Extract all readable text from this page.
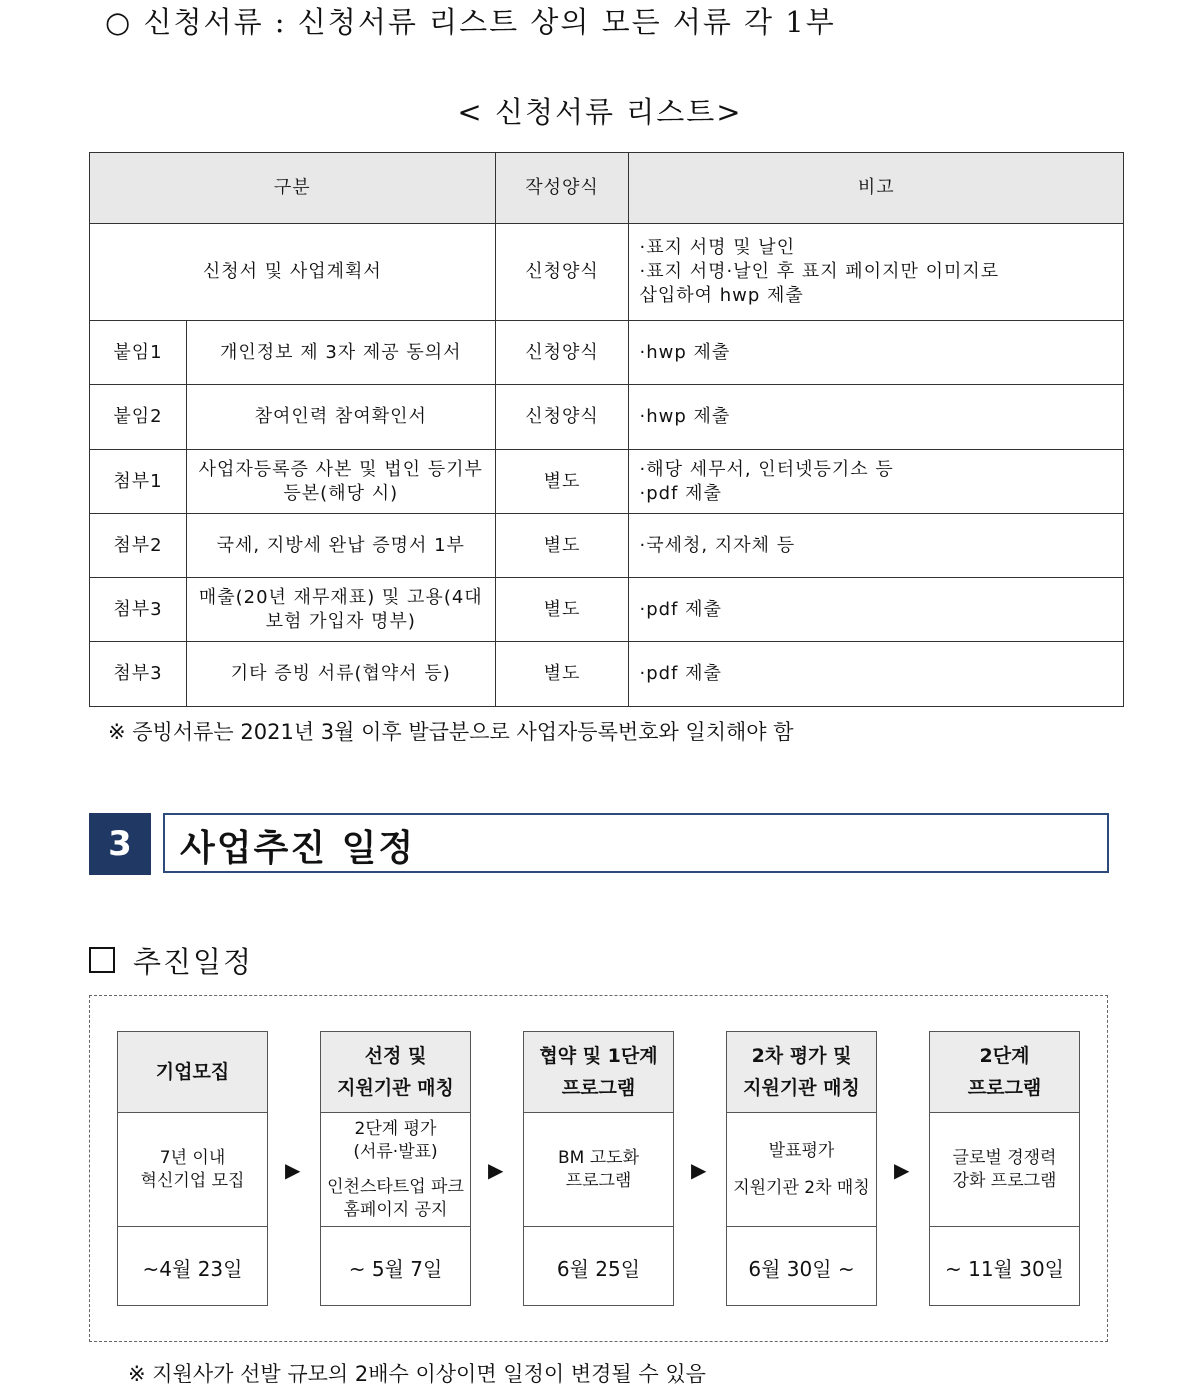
○ 신청서류 : 신청서류 리스트 상의 모든 서류 각 1부
< 신청서류 리스트>
구분		작성양식	비고
신청서 및 사업계획서		신청양식	·표지 서명 및 날인
·표지 서명·날인 후 표지 페이지만 이미지로
삽입하여 hwp 제출

붙임1	개인정보 제 3자 제공 동의서	신청양식	·hwp 제출

붙임2	참여인력 참여확인서	신청양식	·hwp 제출

첨부1	사업자등록증 사본 및 법인 등기부등본(해당 시)	별도	·해당 세무서, 인터넷등기소 등
·pdf 제출

첨부2	국세, 지방세 완납 증명서 1부	별도	·국세청, 지자체 등

첨부3	매출(20년 재무재표) 및 고용(4대 보험 가입자 명부)	별도	·pdf 제출

첨부3	기타 증빙 서류(협약서 등)	별도	·pdf 제출
※ 증빙서류는 2021년 3월 이후 발급분으로 사업자등록번호와 일치해야 함
3	사업추진 일정
추진일정
기업모집
7년 이내
혁신기업 모집
~4월 23일
▶
선정 및
지원기관 매칭
2단계 평가
(서류·발표)
인천스타트업 파크
홈페이지 공지
~ 5월 7일
▶
협약 및 1단계
프로그램
BM 고도화
프로그램
6월 25일
▶
2차 평가 및
지원기관 매칭
발표평가
지원기관 2차 매칭
6월 30일 ~
▶
2단계
프로그램
글로벌 경쟁력
강화 프로그램
~ 11월 30일
※ 지원사가 선발 규모의 2배수 이상이면 일정이 변경될 수 있음
